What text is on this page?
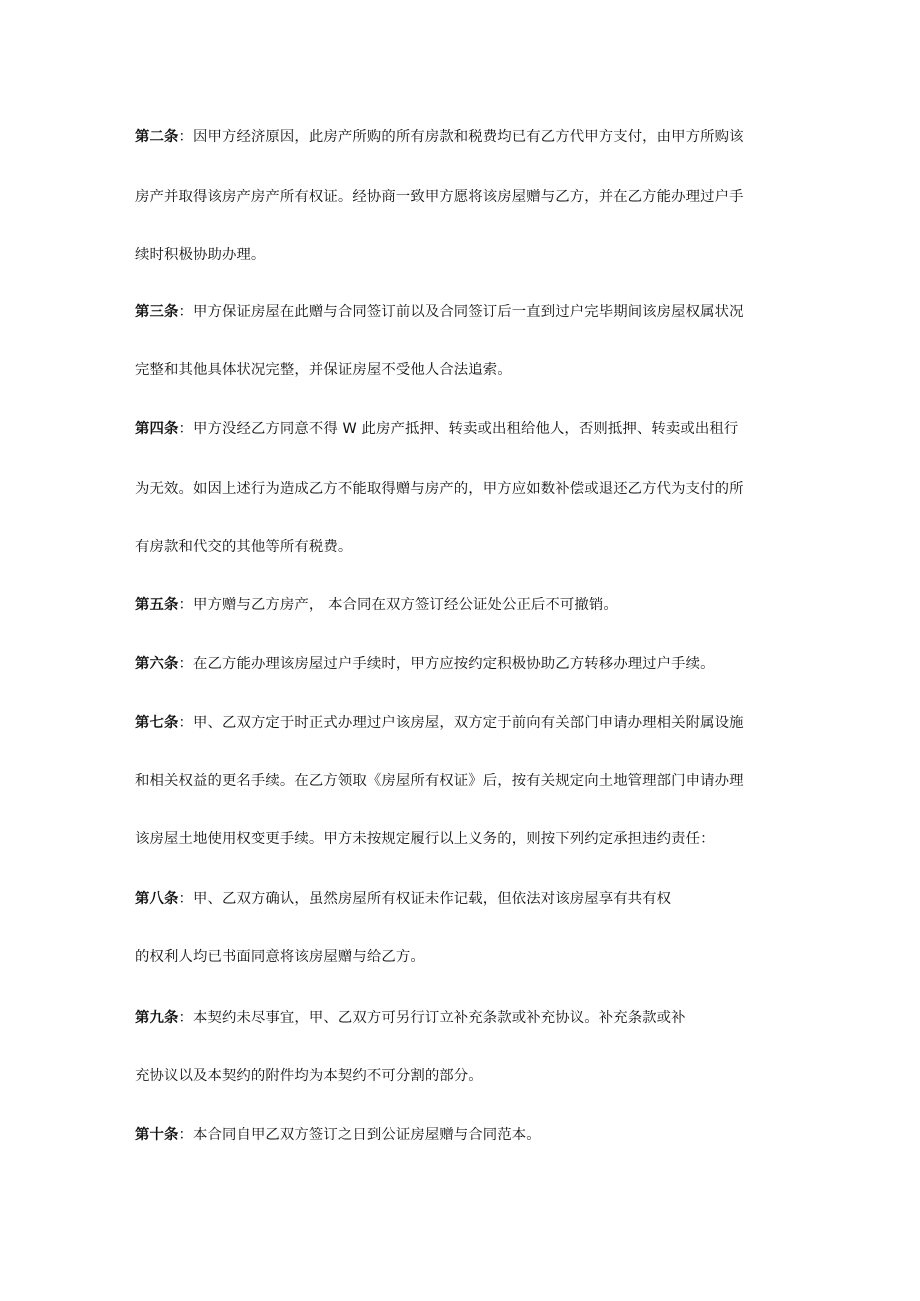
第二条：因甲方经济原因，此房产所购的所有房款和税费均已有乙方代甲方支付，由甲方所购该
房产并取得该房产房产所有权证。经协商一致甲方愿将该房屋赠与乙方，并在乙方能办理过户手
续时积极协助办理。
第三条：甲方保证房屋在此赠与合同签订前以及合同签订后一直到过户完毕期间该房屋权属状况
完整和其他具体状况完整，并保证房屋不受他人合法追索。
第四条：甲方没经乙方同意不得 W 此房产抵押、转卖或出租给他人，否则抵押、转卖或出租行
为无效。如因上述行为造成乙方不能取得赠与房产的，甲方应如数补偿或退还乙方代为支付的所
有房款和代交的其他等所有税费。
第五条：甲方赠与乙方房产， 本合同在双方签订经公证处公正后不可撤销。
第六条：在乙方能办理该房屋过户手续时，甲方应按约定积极协助乙方转移办理过户手续。
第七条：甲、乙双方定于时正式办理过户该房屋，双方定于前向有关部门申请办理相关附属设施
和相关权益的更名手续。在乙方领取《房屋所有权证》后，按有关规定向土地管理部门申请办理
该房屋土地使用权变更手续。甲方未按规定履行以上义务的，则按下列约定承担违约责任：
第八条：甲、乙双方确认，虽然房屋所有权证未作记载，但依法对该房屋享有共有权
的权利人均已书面同意将该房屋赠与给乙方。
第九条：本契约未尽事宜，甲、乙双方可另行订立补充条款或补充协议。补充条款或补
充协议以及本契约的附件均为本契约不可分割的部分。
第十条：本合同自甲乙双方签订之日到公证房屋赠与合同范本。
